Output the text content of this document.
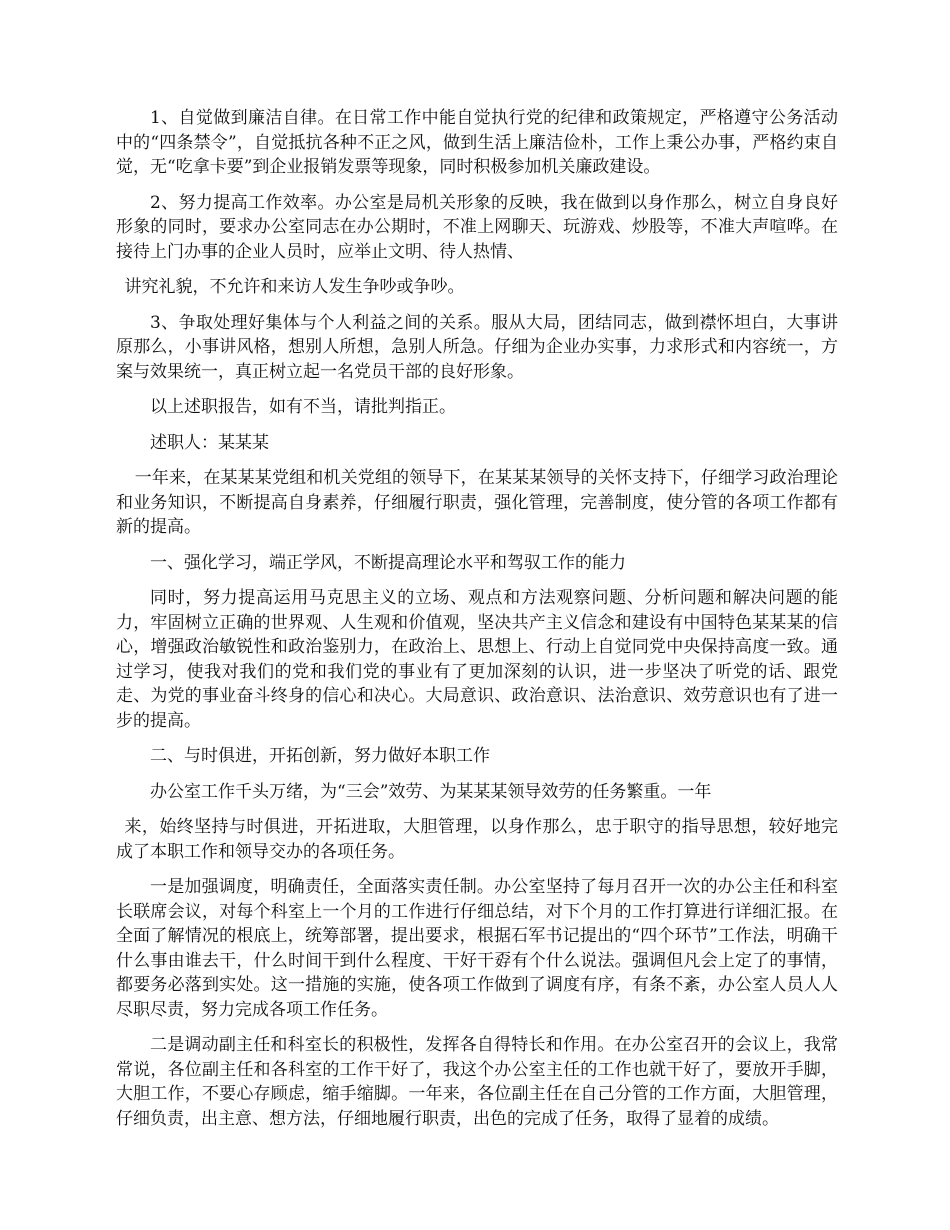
1、自觉做到廉洁自律。在日常工作中能自觉执行党的纪律和政策规定，严格遵守公务活动中的“四条禁令”，自觉抵抗各种不正之风，做到生活上廉洁俭朴，工作上秉公办事，严格约束自觉，无“吃拿卡要”到企业报销发票等现象，同时积极参加机关廉政建设。

2、努力提高工作效率。办公室是局机关形象的反映，我在做到以身作那么，树立自身良好形象的同时，要求办公室同志在办公期时，不准上网聊天、玩游戏、炒股等，不准大声喧哗。在接待上门办事的企业人员时，应举止文明、待人热情、

讲究礼貌，不允许和来访人发生争吵或争吵。

3、争取处理好集体与个人利益之间的关系。服从大局，团结同志，做到襟怀坦白，大事讲原那么，小事讲风格，想别人所想，急别人所急。仔细为企业办实事，力求形式和内容统一，方案与效果统一，真正树立起一名党员干部的良好形象。

以上述职报告，如有不当，请批判指正。

述职人：某某某

一年来，在某某某党组和机关党组的领导下，在某某某领导的关怀支持下，仔细学习政治理论和业务知识，不断提高自身素养，仔细履行职责，强化管理，完善制度，使分管的各项工作都有新的提高。

一、强化学习，端正学风，不断提高理论水平和驾驭工作的能力

同时，努力提高运用马克思主义的立场、观点和方法观察问题、分析问题和解决问题的能力，牢固树立正确的世界观、人生观和价值观，坚决共产主义信念和建设有中国特色某某某的信心，增强政治敏锐性和政治鉴别力，在政治上、思想上、行动上自觉同党中央保持高度一致。通过学习，使我对我们的党和我们党的事业有了更加深刻的认识，进一步坚决了听党的话、跟党走、为党的事业奋斗终身的信心和决心。大局意识、政治意识、法治意识、效劳意识也有了进一步的提高。

二、与时俱进，开拓创新，努力做好本职工作

办公室工作千头万绪，为“三会”效劳、为某某某领导效劳的任务繁重。一年

来，始终坚持与时俱进，开拓进取，大胆管理，以身作那么，忠于职守的指导思想，较好地完成了本职工作和领导交办的各项任务。

一是加强调度，明确责任，全面落实责任制。办公室坚持了每月召开一次的办公主任和科室长联席会议，对每个科室上一个月的工作进行仔细总结，对下个月的工作打算进行详细汇报。在全面了解情况的根底上，统筹部署，提出要求，根据石军书记提出的“四个环节”工作法，明确干什么事由谁去干，什么时间干到什么程度、干好干孬有个什么说法。强调但凡会上定了的事情，都要务必落到实处。这一措施的实施，使各项工作做到了调度有序，有条不紊，办公室人员人人尽职尽责，努力完成各项工作任务。

二是调动副主任和科室长的积极性，发挥各自得特长和作用。在办公室召开的会议上，我常常说，各位副主任和各科室的工作干好了，我这个办公室主任的工作也就干好了，要放开手脚，大胆工作，不要心存顾虑，缩手缩脚。一年来，各位副主任在自己分管的工作方面，大胆管理，仔细负责，出主意、想方法，仔细地履行职责，出色的完成了任务，取得了显着的成绩。
